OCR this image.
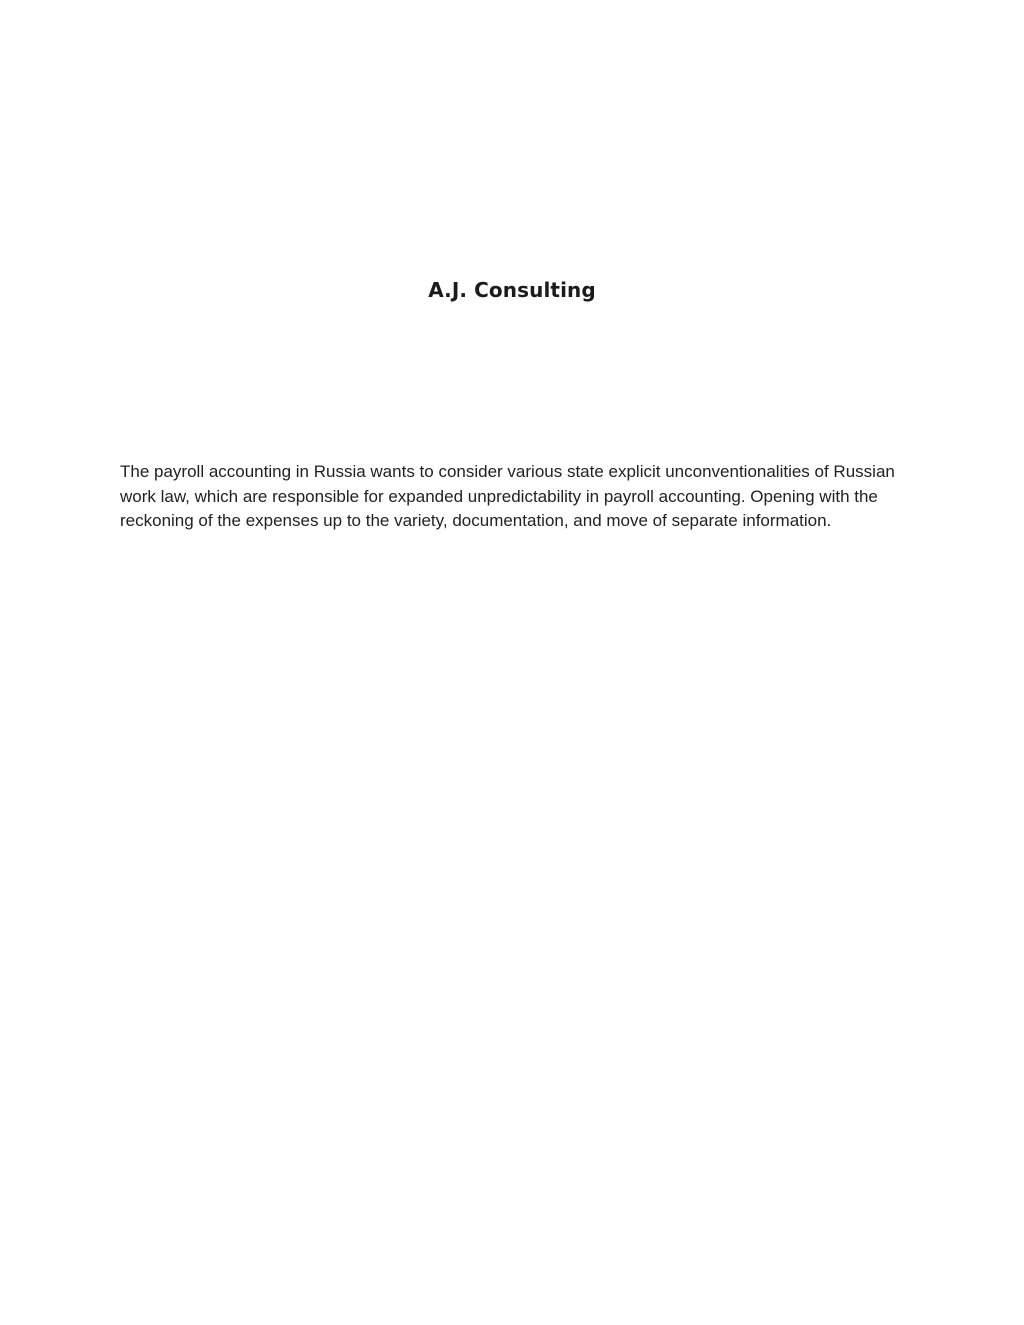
A.J. Consulting

The payroll accounting in Russia wants to consider various state explicit unconventionalities of Russian work law, which are responsible for expanded unpredictability in payroll accounting. Opening with the reckoning of the expenses up to the variety, documentation, and move of separate information.
